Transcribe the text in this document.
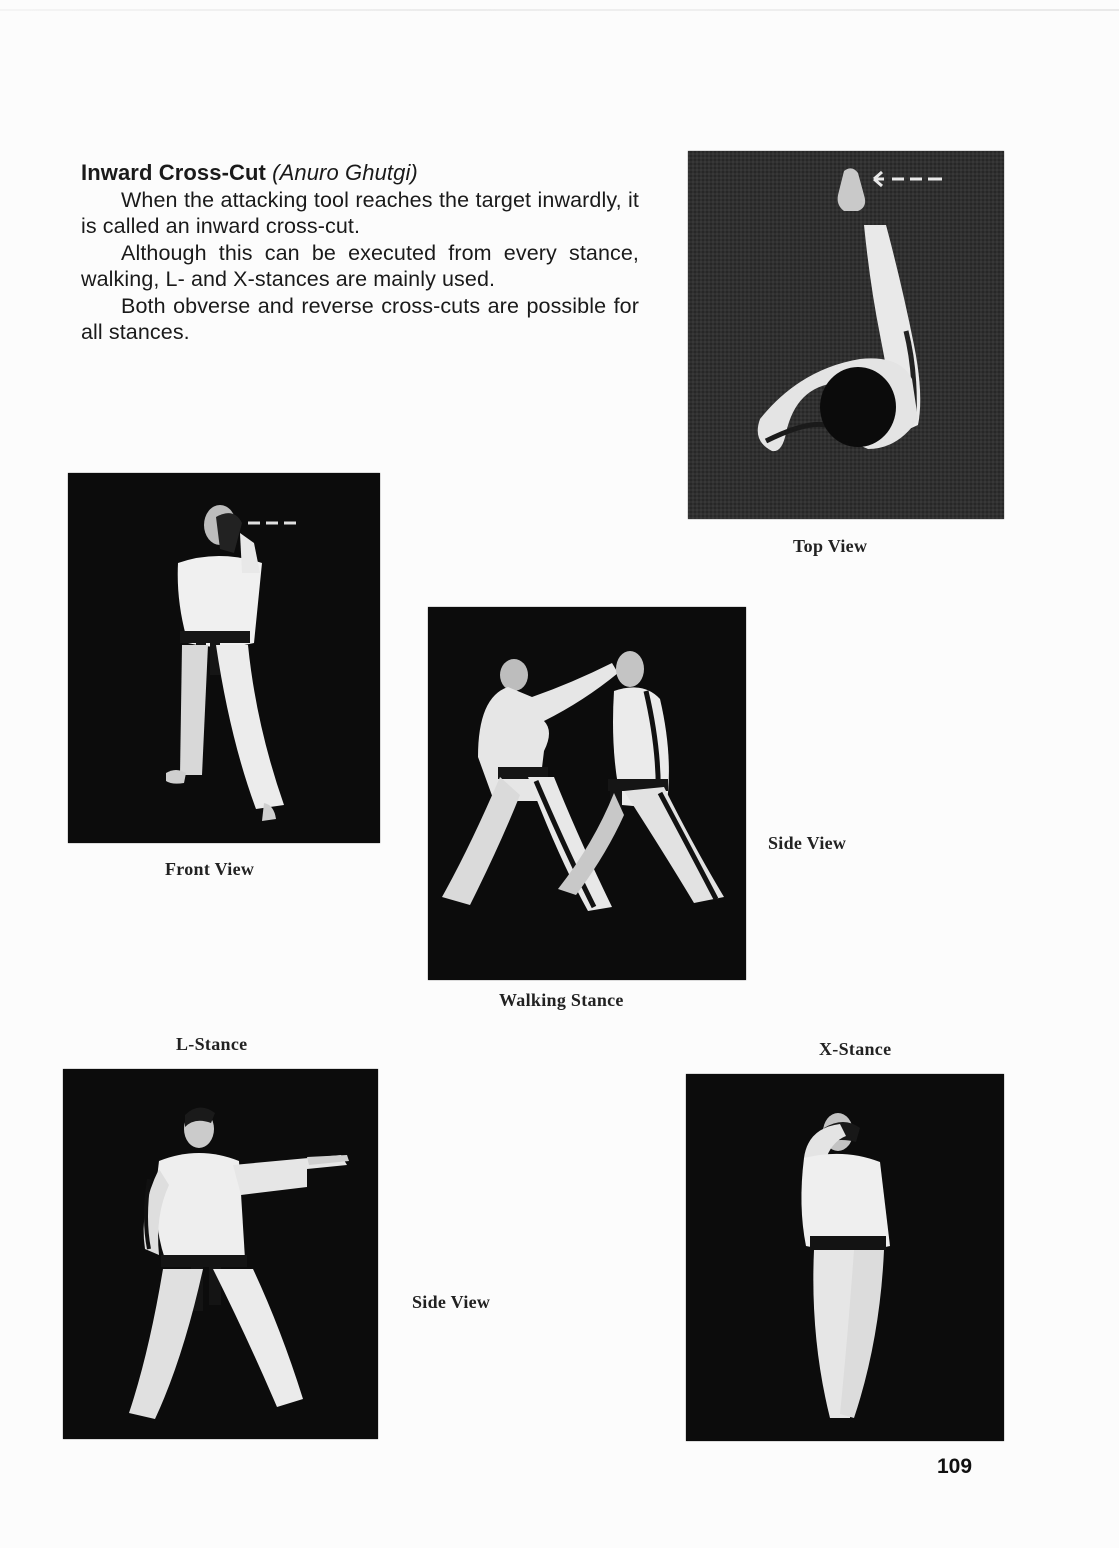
Inward Cross-Cut (Anuro Ghutgi)

When the attacking tool reaches the target inwardly, it is called an inward cross-cut.

Although this can be executed from every stance, walking, L- and X-stances are mainly used.

Both obverse and reverse cross-cuts are possible for all stances.

Top View
Front View
Walking Stance
Side View
L-Stance
Side View
X-Stance
109
